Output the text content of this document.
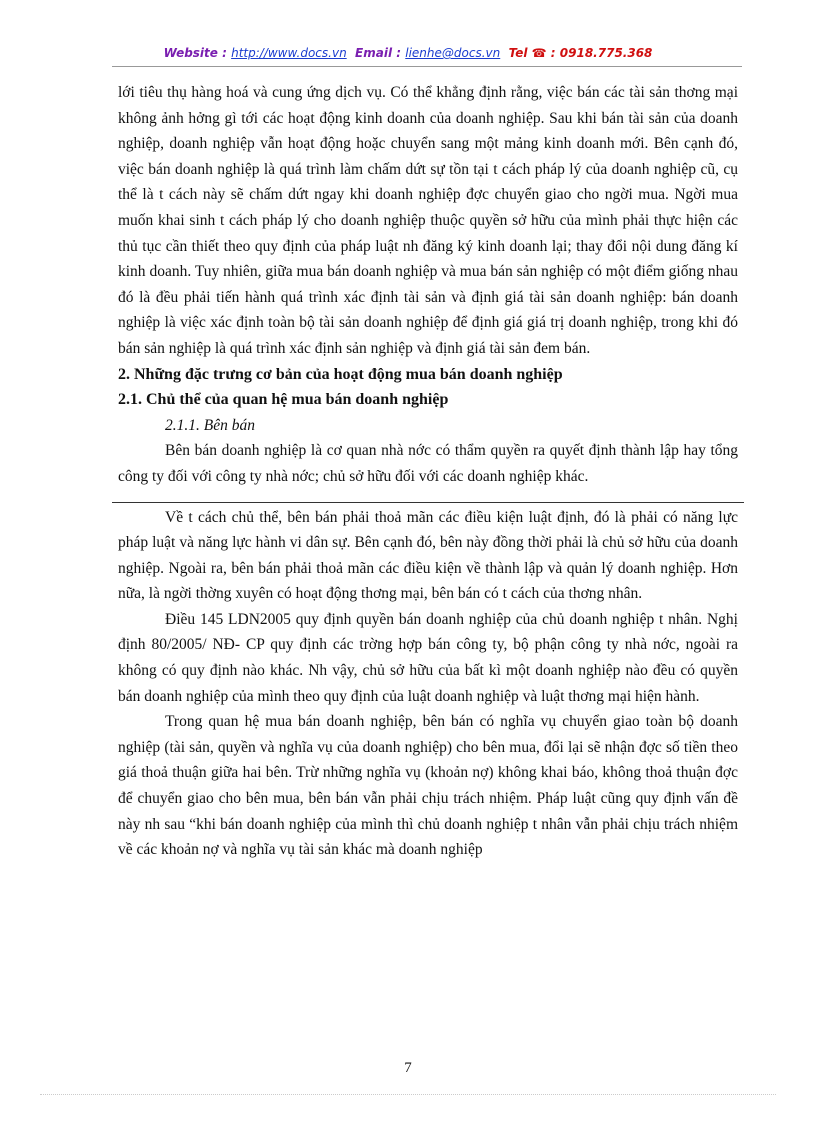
Website : http://www.docs.vn Email : lienhe@docs.vn Tel ☎ : 0918.775.368

lới tiêu thụ hàng hoá và cung ứng dịch vụ. Có thể khẳng định rằng, việc bán các tài sản thơng mại không ảnh hởng gì tới các hoạt động kinh doanh của doanh nghiệp. Sau khi bán tài sản của doanh nghiệp, doanh nghiệp vẫn hoạt động hoặc chuyển sang một mảng kinh doanh mới. Bên cạnh đó, việc bán doanh nghiệp là quá trình làm chấm dứt sự tồn tại t cách pháp lý của doanh nghiệp cũ, cụ thể là t cách này sẽ chấm dứt ngay khi doanh nghiệp đợc chuyển giao cho ngời mua. Ngời mua muốn khai sinh t cách pháp lý cho doanh nghiệp thuộc quyền sở hữu của mình phải thực hiện các thủ tục cần thiết theo quy định của pháp luật nh đăng ký kinh doanh lại; thay đổi nội dung đăng kí kinh doanh. Tuy nhiên, giữa mua bán doanh nghiệp và mua bán sản nghiệp có một điểm giống nhau đó là đều phải tiến hành quá trình xác định tài sản và định giá tài sản doanh nghiệp: bán doanh nghiệp là việc xác định toàn bộ tài sản doanh nghiệp để định giá giá trị doanh nghiệp, trong khi đó bán sản nghiệp là quá trình xác định sản nghiệp và định giá tài sản đem bán.

2. Những đặc trưng cơ bản của hoạt động mua bán doanh nghiệp

2.1. Chủ thể của quan hệ mua bán doanh nghiệp

2.1.1. Bên bán

Bên bán doanh nghiệp là cơ quan nhà nớc có thẩm quyền ra quyết định thành lập hay tổng công ty đối với công ty nhà nớc; chủ sở hữu đối với các doanh nghiệp khác.

Về t cách chủ thể, bên bán phải thoả mãn các điều kiện luật định, đó là phải có năng lực pháp luật và năng lực hành vi dân sự. Bên cạnh đó, bên này đồng thời phải là chủ sở hữu của doanh nghiệp. Ngoài ra, bên bán phải thoả mãn các điều kiện về thành lập và quản lý doanh nghiệp. Hơn nữa, là ngời thờng xuyên có hoạt động thơng mại, bên bán có t cách của thơng nhân.

Điều 145 LDN2005 quy định quyền bán doanh nghiệp của chủ doanh nghiệp t nhân. Nghị định 80/2005/ NĐ- CP quy định các trờng hợp bán công ty, bộ phận công ty nhà nớc, ngoài ra không có quy định nào khác. Nh vậy, chủ sở hữu của bất kì một doanh nghiệp nào đều có quyền bán doanh nghiệp của mình theo quy định của luật doanh nghiệp và luật thơng mại hiện hành.

Trong quan hệ mua bán doanh nghiệp, bên bán có nghĩa vụ chuyển giao toàn bộ doanh nghiệp (tài sản, quyền và nghĩa vụ của doanh nghiệp) cho bên mua, đổi lại sẽ nhận đợc số tiền theo giá thoả thuận giữa hai bên. Trừ những nghĩa vụ (khoản nợ) không khai báo, không thoả thuận đợc để chuyển giao cho bên mua, bên bán vẫn phải chịu trách nhiệm. Pháp luật cũng quy định vấn đề này nh sau “khi bán doanh nghiệp của mình thì chủ doanh nghiệp t nhân vẫn phải chịu trách nhiệm về các khoản nợ và nghĩa vụ tài sản khác mà doanh nghiệp

7
